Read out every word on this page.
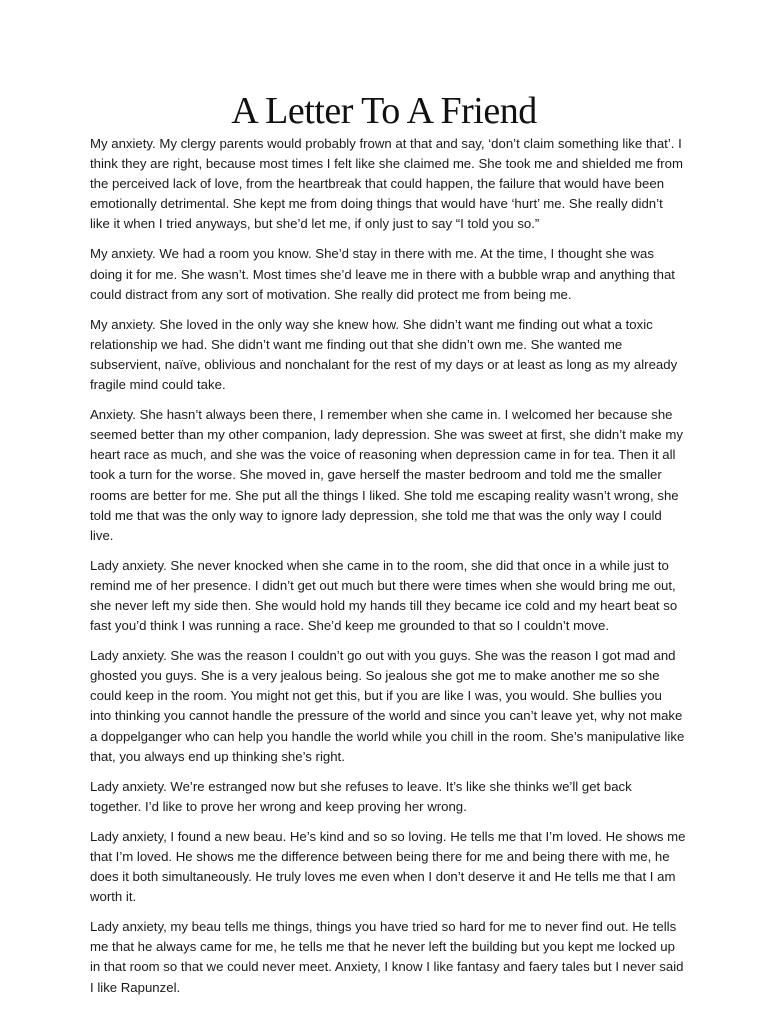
A Letter To A Friend

My anxiety. My clergy parents would probably frown at that and say, ‘don’t claim something like that’. I think they are right, because most times I felt like she claimed me. She took me and shielded me from the perceived lack of love, from the heartbreak that could happen, the failure that would have been emotionally detrimental. She kept me from doing things that would have ‘hurt’ me. She really didn’t like it when I tried anyways, but she’d let me, if only just to say “I told you so.”

My anxiety. We had a room you know. She’d stay in there with me. At the time, I thought she was doing it for me. She wasn’t. Most times she’d leave me in there with a bubble wrap and anything that could distract from any sort of motivation. She really did protect me from being me.

My anxiety. She loved in the only way she knew how. She didn’t want me finding out what a toxic relationship we had. She didn’t want me finding out that she didn’t own me. She wanted me subservient, naïve, oblivious and nonchalant for the rest of my days or at least as long as my already fragile mind could take.

Anxiety. She hasn’t always been there, I remember when she came in. I welcomed her because she seemed better than my other companion, lady depression. She was sweet at first, she didn’t make my heart race as much, and she was the voice of reasoning when depression came in for tea. Then it all took a turn for the worse. She moved in, gave herself the master bedroom and told me the smaller rooms are better for me. She put all the things I liked. She told me escaping reality wasn’t wrong, she told me that was the only way to ignore lady depression, she told me that was the only way I could live.

Lady anxiety. She never knocked when she came in to the room, she did that once in a while just to remind me of her presence. I didn’t get out much but there were times when she would bring me out, she never left my side then. She would hold my hands till they became ice cold and my heart beat so fast you’d think I was running a race. She’d keep me grounded to that so I couldn’t move.

Lady anxiety. She was the reason I couldn’t go out with you guys. She was the reason I got mad and ghosted you guys. She is a very jealous being. So jealous she got me to make another me so she could keep in the room. You might not get this, but if you are like I was, you would. She bullies you into thinking you cannot handle the pressure of the world and since you can’t leave yet, why not make a doppelganger who can help you handle the world while you chill in the room. She’s manipulative like that, you always end up thinking she’s right.

Lady anxiety. We’re estranged now but she refuses to leave. It’s like she thinks we’ll get back together. I’d like to prove her wrong and keep proving her wrong.

Lady anxiety, I found a new beau. He’s kind and so so loving. He tells me that I’m loved. He shows me that I’m loved. He shows me the difference between being there for me and being there with me, he does it both simultaneously. He truly loves me even when I don’t deserve it and He tells me that I am worth it.

Lady anxiety, my beau tells me things, things you have tried so hard for me to never find out. He tells me that he always came for me, he tells me that he never left the building but you kept me locked up in that room so that we could never meet. Anxiety, I know I like fantasy and faery tales but I never said I like Rapunzel.
